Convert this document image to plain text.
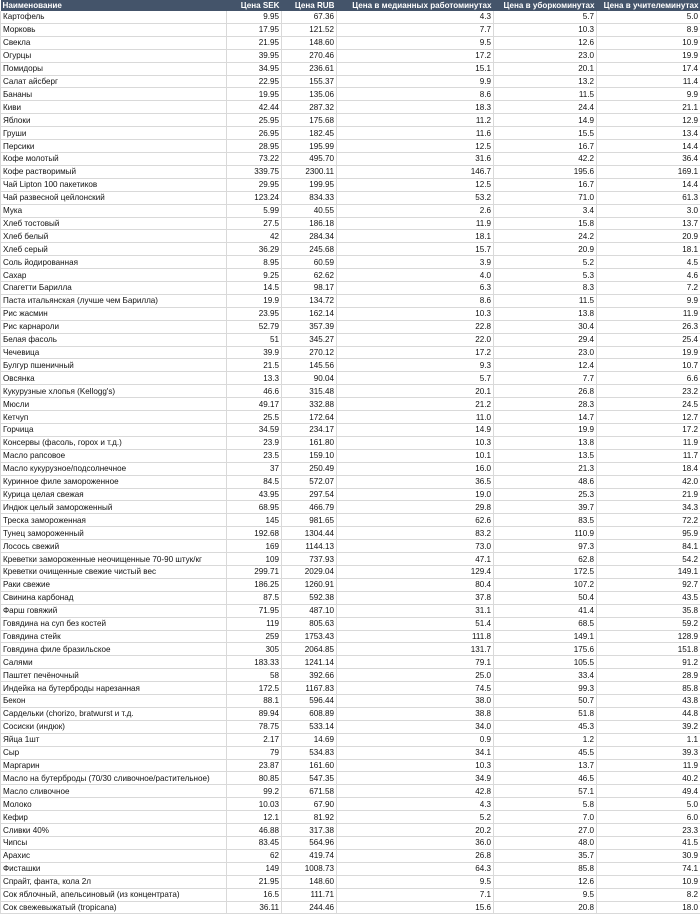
Наименование	Цена SEK	Цена RUB	Цена в медианных работоминутах	Цена в уборкоминутах	Цена в учителеминутах
Картофель	9.95	67.36	4.3	5.7	5.0
Морковь	17.95	121.52	7.7	10.3	8.9
Свекла	21.95	148.60	9.5	12.6	10.9
Огурцы	39.95	270.46	17.2	23.0	19.9
Помидоры	34.95	236.61	15.1	20.1	17.4
Салат айсберг	22.95	155.37	9.9	13.2	11.4
Бананы	19.95	135.06	8.6	11.5	9.9
Киви	42.44	287.32	18.3	24.4	21.1
Яблоки	25.95	175.68	11.2	14.9	12.9
Груши	26.95	182.45	11.6	15.5	13.4
Персики	28.95	195.99	12.5	16.7	14.4
Кофе молотый	73.22	495.70	31.6	42.2	36.4
Кофе растворимый	339.75	2300.11	146.7	195.6	169.1
Чай Lipton 100 пакетиков	29.95	199.95	12.5	16.7	14.4
Чай развесной цейлонский	123.24	834.33	53.2	71.0	61.3
Мука	5.99	40.55	2.6	3.4	3.0
Хлеб тостовый	27.5	186.18	11.9	15.8	13.7
Хлеб белый	42	284.34	18.1	24.2	20.9
Хлеб серый	36.29	245.68	15.7	20.9	18.1
Соль йодированная	8.95	60.59	3.9	5.2	4.5
Сахар	9.25	62.62	4.0	5.3	4.6
Спагетти Барилла	14.5	98.17	6.3	8.3	7.2
Паста итальянская (лучше чем Барилла)	19.9	134.72	8.6	11.5	9.9
Рис жасмин	23.95	162.14	10.3	13.8	11.9
Рис карнароли	52.79	357.39	22.8	30.4	26.3
Белая фасоль	51	345.27	22.0	29.4	25.4
Чечевица	39.9	270.12	17.2	23.0	19.9
Булгур пшеничный	21.5	145.56	9.3	12.4	10.7
Овсянка	13.3	90.04	5.7	7.7	6.6
Кукурузные хлопья (Kellogg's)	46.6	315.48	20.1	26.8	23.2
Мюсли	49.17	332.88	21.2	28.3	24.5
Кетчуп	25.5	172.64	11.0	14.7	12.7
Горчица	34.59	234.17	14.9	19.9	17.2
Консервы (фасоль, горох и т.д.)	23.9	161.80	10.3	13.8	11.9
Масло рапсовое	23.5	159.10	10.1	13.5	11.7
Масло кукурузное/подсолнечное	37	250.49	16.0	21.3	18.4
Куринное филе замороженное	84.5	572.07	36.5	48.6	42.0
Курица целая свежая	43.95	297.54	19.0	25.3	21.9
Индюк целый замороженный	68.95	466.79	29.8	39.7	34.3
Треска замороженная	145	981.65	62.6	83.5	72.2
Тунец замороженный	192.68	1304.44	83.2	110.9	95.9
Лосось свежий	169	1144.13	73.0	97.3	84.1
Креветки замороженные неочищенные 70-90 штук/кг	109	737.93	47.1	62.8	54.2
Креветки очищенные свежие чистый вес	299.71	2029.04	129.4	172.5	149.1
Раки свежие	186.25	1260.91	80.4	107.2	92.7
Свинина карбонад	87.5	592.38	37.8	50.4	43.5
Фарш говяжий	71.95	487.10	31.1	41.4	35.8
Говядина на суп без костей	119	805.63	51.4	68.5	59.2
Говядина стейк	259	1753.43	111.8	149.1	128.9
Говядина филе бразильское	305	2064.85	131.7	175.6	151.8
Салями	183.33	1241.14	79.1	105.5	91.2
Паштет печёночный	58	392.66	25.0	33.4	28.9
Индейка на бутерброды нарезанная	172.5	1167.83	74.5	99.3	85.8
Бекон	88.1	596.44	38.0	50.7	43.8
Сардельки (chorizo, bratwurst и т.д.	89.94	608.89	38.8	51.8	44.8
Сосиски (индюк)	78.75	533.14	34.0	45.3	39.2
Яйца 1шт	2.17	14.69	0.9	1.2	1.1
Сыр	79	534.83	34.1	45.5	39.3
Маргарин	23.87	161.60	10.3	13.7	11.9
Масло на бутерброды (70/30 сливочное/растительное)	80.85	547.35	34.9	46.5	40.2
Масло сливочное	99.2	671.58	42.8	57.1	49.4
Молоко	10.03	67.90	4.3	5.8	5.0
Кефир	12.1	81.92	5.2	7.0	6.0
Сливки 40%	46.88	317.38	20.2	27.0	23.3
Чипсы	83.45	564.96	36.0	48.0	41.5
Арахис	62	419.74	26.8	35.7	30.9
Фисташки	149	1008.73	64.3	85.8	74.1
Спрайт, фанта, кола 2л	21.95	148.60	9.5	12.6	10.9
Сок яблочный, апельсиновый (из концентрата)	16.5	111.71	7.1	9.5	8.2
Сок свежевыжатый (tropicana)	36.11	244.46	15.6	20.8	18.0
